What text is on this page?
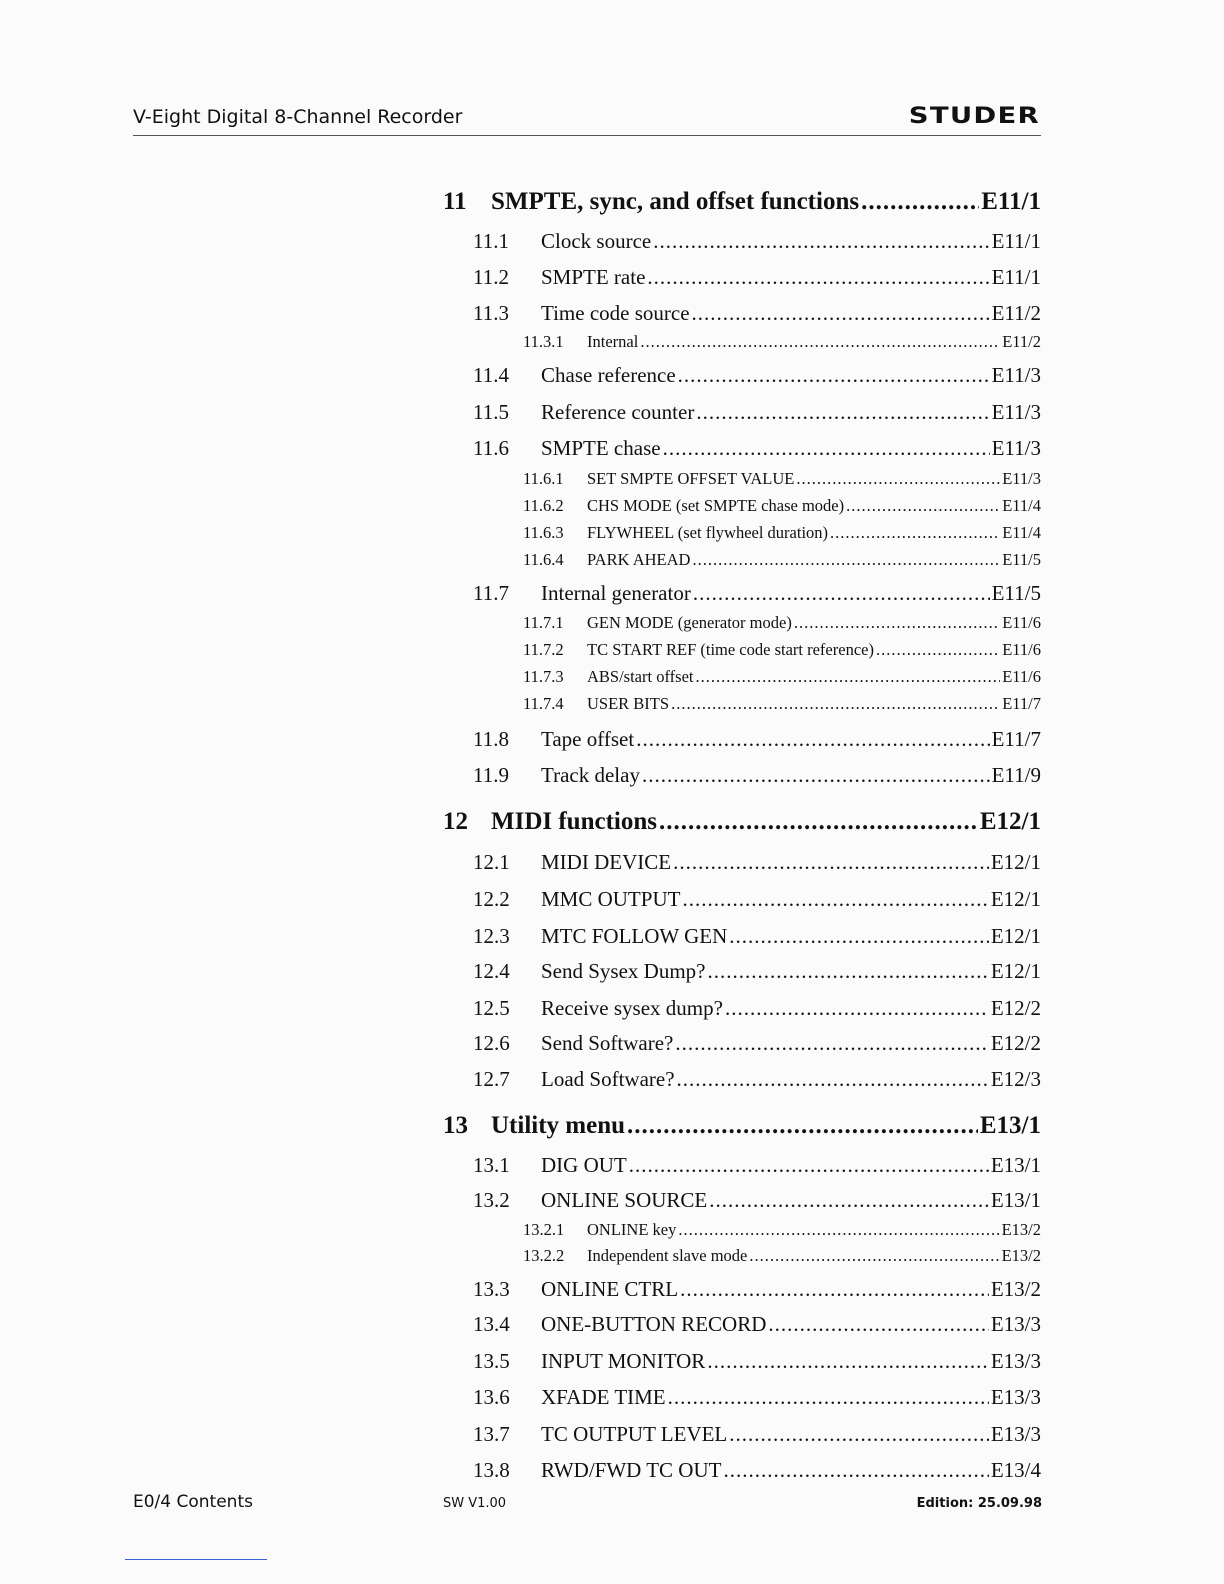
V-Eight Digital 8-Channel Recorder	STUDER
11 SMPTE, sync, and offset functions .....	E11/1
11.1	Clock source .....	E11/1
11.2	SMPTE rate .....	E11/1
11.3	Time code source .....	E11/2
11.3.1	Internal .....	E11/2
11.4	Chase reference .....	E11/3
11.5	Reference counter .....	E11/3
11.6	SMPTE chase .....	E11/3
11.6.1	SET SMPTE OFFSET VALUE .....	E11/3
11.6.2	CHS MODE (set SMPTE chase mode) .....	E11/4
11.6.3	FLYWHEEL (set flywheel duration) .....	E11/4
11.6.4	PARK AHEAD .....	E11/5
11.7	Internal generator .....	E11/5
11.7.1	GEN MODE (generator mode) .....	E11/6
11.7.2	TC START REF (time code start reference) .....	E11/6
11.7.3	ABS/start offset .....	E11/6
11.7.4	USER BITS .....	E11/7
11.8	Tape offset .....	E11/7
11.9	Track delay .....	E11/9
12 MIDI functions .....	E12/1
12.1	MIDI DEVICE .....	E12/1
12.2	MMC OUTPUT .....	E12/1
12.3	MTC FOLLOW GEN .....	E12/1
12.4	Send Sysex Dump? .....	E12/1
12.5	Receive sysex dump? .....	E12/2
12.6	Send Software? .....	E12/2
12.7	Load Software? .....	E12/3
13 Utility menu .....	E13/1
13.1	DIG OUT .....	E13/1
13.2	ONLINE SOURCE .....	E13/1
13.2.1	ONLINE key .....	E13/2
13.2.2	Independent slave mode .....	E13/2
13.3	ONLINE CTRL .....	E13/2
13.4	ONE-BUTTON RECORD .....	E13/3
13.5	INPUT MONITOR .....	E13/3
13.6	XFADE TIME .....	E13/3
13.7	TC OUTPUT LEVEL .....	E13/3
13.8	RWD/FWD TC OUT .....	E13/4
E0/4 Contents	SW V1.00	Edition: 25.09.98
